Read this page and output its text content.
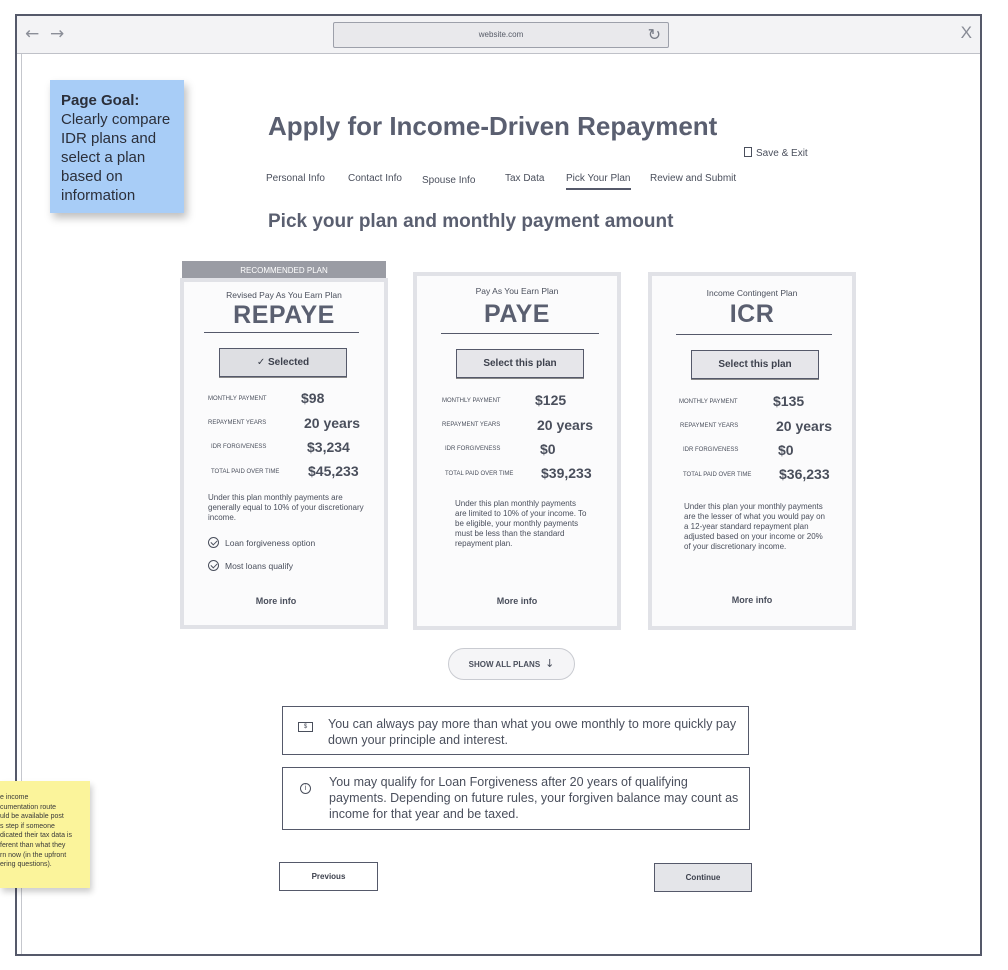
← →	website.com	↻	X
Page Goal:
Clearly compare IDR plans and select a plan based on information
e income
cumentation route
uld be available post
s step if someone
dicated their tax data is
ferent than what they
rn now (in the upfront
ering questions).
Apply for Income-Driven Repayment
Save & Exit
Personal Info Contact Info Spouse Info	Tax Data Pick Your Plan Review and Submit
Pick your plan and monthly payment amount
RECOMMENDED PLAN
Revised Pay As You Earn Plan
REPAYE
✓ Selected
MONTHLY PAYMENT $98
REPAYMENT YEARS	20 years
IDR FORGIVENESS	$3,234
TOTAL PAID OVER TIME $45,233
Under this plan monthly payments are generally equal to 10% of your discretionary income.
Loan forgiveness option
Most loans qualify
More info
Pay As You Earn Plan
PAYE
Select this plan
MONTHLY PAYMENT $125
REPAYMENT YEARS	20 years
IDR FORGIVENESS	$0
TOTAL PAID OVER TIME $39,233
Under this plan monthly payments are limited to 10% of your income. To be eligible, your monthly payments must be less than the standard repayment plan.
More info
Income Contingent Plan
ICR
Select this plan
MONTHLY PAYMENT	$135
REPAYMENT YEARS	20 years
IDR FORGIVENESS	$0
TOTAL PAID OVER TIME $36,233
Under this plan your monthly payments are the lesser of what you would pay on a 12-year standard repayment plan adjusted based on your income or 20% of your discretionary income.
More info
SHOW ALL PLANS ↓
$	You can always pay more than what you owe monthly to more quickly pay down your principle and interest.
i	You may qualify for Loan Forgiveness after 20 years of qualifying payments. Depending on future rules, your forgiven balance may count as income for that year and be taxed.
Previous	Continue
